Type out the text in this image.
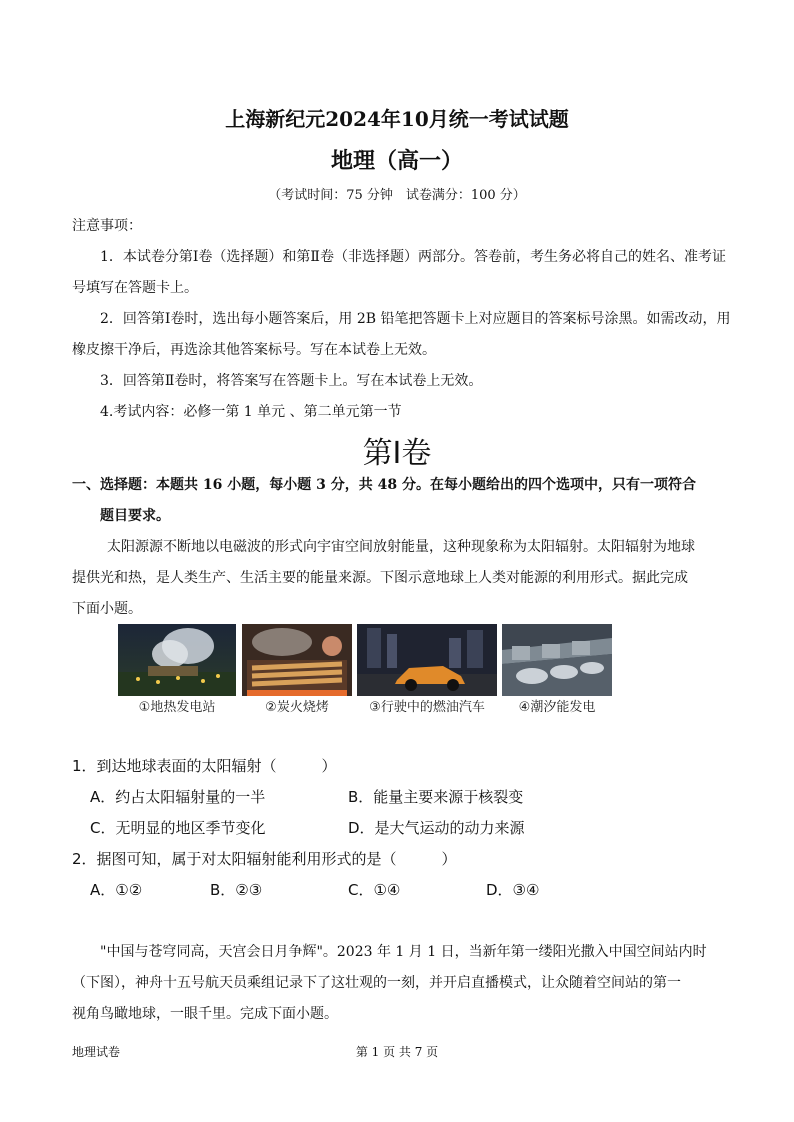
上海新纪元2024年10月统一考试试题
地理（高一）
（考试时间：75 分钟　试卷满分：100 分）
注意事项：
1．本试卷分第Ⅰ卷（选择题）和第Ⅱ卷（非选择题）两部分。答卷前，考生务必将自己的姓名、准考证
号填写在答题卡上。
2．回答第Ⅰ卷时，选出每小题答案后，用 2B 铅笔把答题卡上对应题目的答案标号涂黑。如需改动，用
橡皮擦干净后，再选涂其他答案标号。写在本试卷上无效。
3．回答第Ⅱ卷时，将答案写在答题卡上。写在本试卷上无效。
4.考试内容：必修一第 1 单元 、第二单元第一节
第Ⅰ卷
一、选择题：本题共 16 小题，每小题 3 分，共 48 分。在每小题给出的四个选项中，只有一项符合
题目要求。
太阳源源不断地以电磁波的形式向宇宙空间放射能量，这种现象称为太阳辐射。太阳辐射为地球
提供光和热，是人类生产、生活主要的能量来源。下图示意地球上人类对能源的利用形式。据此完成
下面小题。
①地热发电站	②炭火烧烤	③行驶中的燃油汽车	④潮汐能发电
1．到达地球表面的太阳辐射（　　　）
A．约占太阳辐射量的一半	B．能量主要来源于核裂变
C．无明显的地区季节变化	D．是大气运动的动力来源
2．据图可知，属于对太阳辐射能利用形式的是（　　　）
A．①②	B．②③	C．①④	D．③④
"中国与苍穹同高，天宫会日月争辉"。2023 年 1 月 1 日，当新年第一缕阳光撒入中国空间站内时
（下图），神舟十五号航天员乘组记录下了这壮观的一刻，并开启直播模式，让众随着空间站的第一
视角鸟瞰地球，一眼千里。完成下面小题。
地理试卷	第 1 页 共 7 页
